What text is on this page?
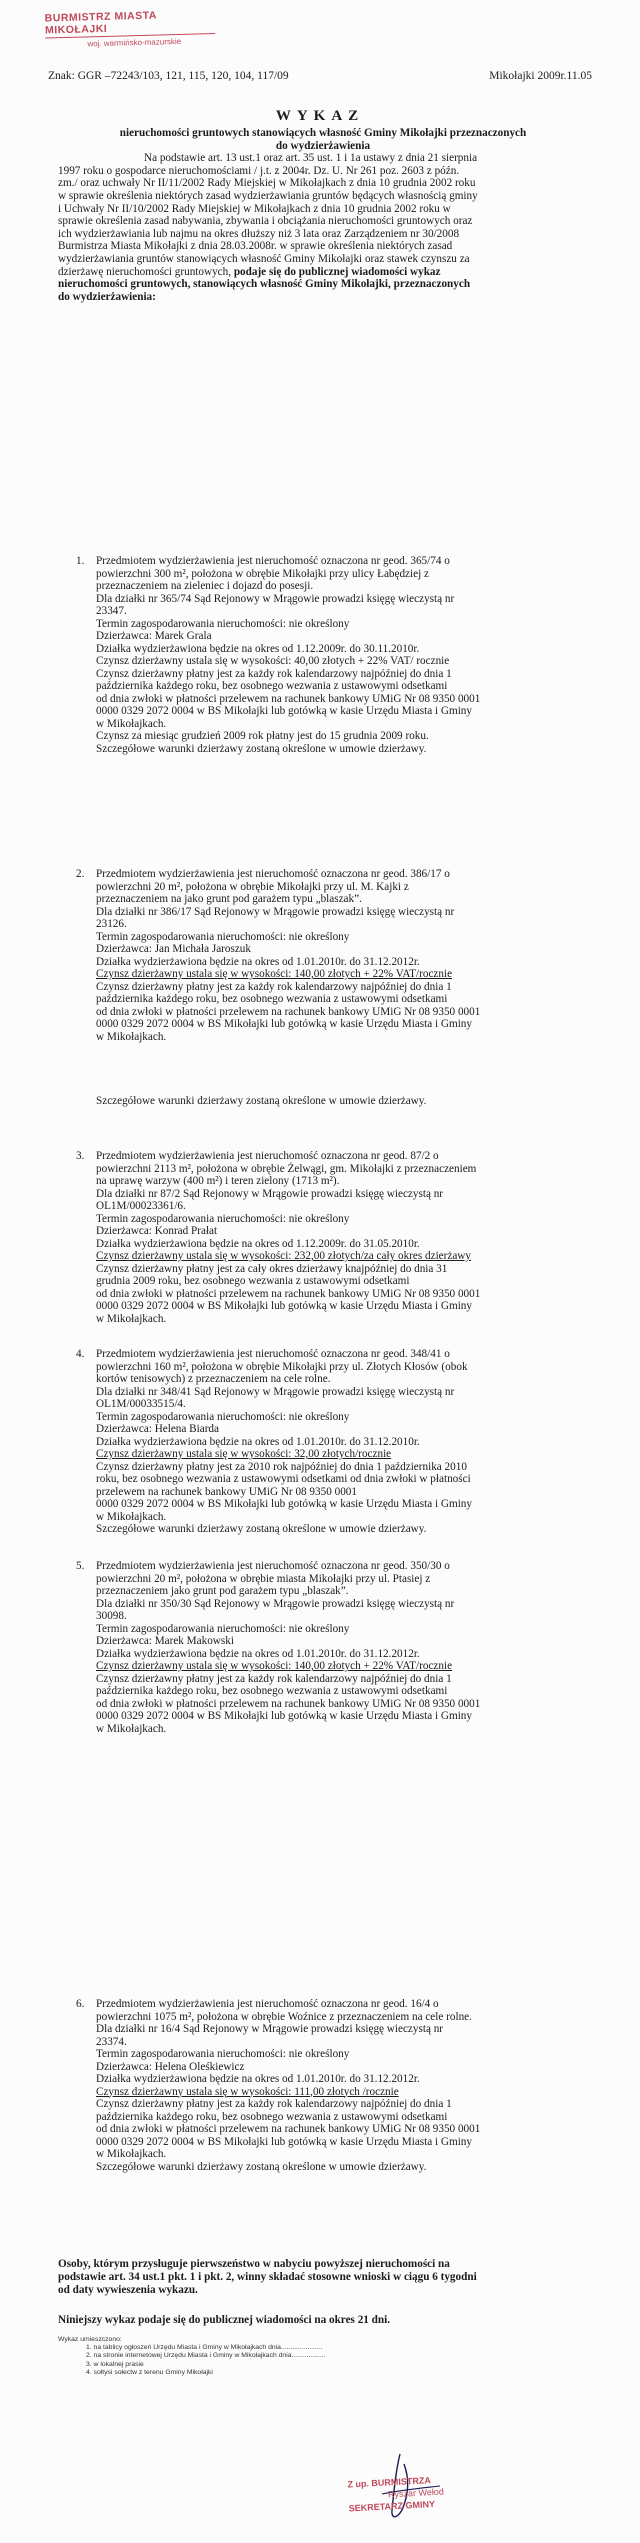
BURMISTRZ MIASTA MIKOŁAJKI
woj. warmińsko-mazurskie
Znak: GGR –72243/103, 121, 115, 120, 104, 117/09	Mikołajki 2009r.11.05
WYKAZ
nieruchomości gruntowych stanowiących własność Gminy Mikołajki przeznaczonych
do wydzierżawienia
Na podstawie art. 13 ust.1 oraz art. 35 ust. 1 i 1a ustawy z dnia 21 sierpnia
1997 roku o gospodarce nieruchomościami / j.t. z 2004r. Dz. U. Nr 261 poz. 2603 z późn.
zm./ oraz uchwały Nr II/11/2002 Rady Miejskiej w Mikołajkach z dnia 10 grudnia 2002 roku
w sprawie określenia niektórych zasad wydzierżawiania gruntów będących własnością gminy
i Uchwały Nr II/10/2002 Rady Miejskiej w Mikołajkach z dnia 10 grudnia 2002 roku w
sprawie określenia zasad nabywania, zbywania i obciążania nieruchomości gruntowych oraz
ich wydzierżawiania lub najmu na okres dłuższy niż 3 lata oraz Zarządzeniem nr 30/2008
Burmistrza Miasta Mikołajki z dnia 28.03.2008r. w sprawie określenia niektórych zasad
wydzierżawiania gruntów stanowiących własność Gminy Mikołajki oraz stawek czynszu za
dzierżawę nieruchomości gruntowych, podaje się do publicznej wiadomości wykaz
nieruchomości gruntowych, stanowiących własność Gminy Mikołajki, przeznaczonych
do wydzierżawienia:
1. Przedmiotem wydzierżawienia jest nieruchomość oznaczona nr geod. 365/74 o
powierzchni 300 m², położona w obrębie Mikołajki przy ulicy Łabędziej z
przeznaczeniem na zieleniec i dojazd do posesji.
Dla działki nr 365/74 Sąd Rejonowy w Mrągowie prowadzi księgę wieczystą nr
23347.
Termin zagospodarowania nieruchomości: nie określony
Dzierżawca: Marek Grala
Działka wydzierżawiona będzie na okres od 1.12.2009r. do 30.11.2010r.
Czynsz dzierżawny ustala się w wysokości: 40,00 złotych + 22% VAT/ rocznie
Czynsz dzierżawny płatny jest za każdy rok kalendarzowy najpóźniej do dnia 1
października każdego roku, bez osobnego wezwania z ustawowymi odsetkami
od dnia zwłoki w płatności przelewem na rachunek bankowy UMiG Nr 08 9350 0001
0000 0329 2072 0004 w BS Mikołajki lub gotówką w kasie Urzędu Miasta i Gminy
w Mikołajkach.
Czynsz za miesiąc grudzień 2009 rok płatny jest do 15 grudnia 2009 roku.
Szczegółowe warunki dzierżawy zostaną określone w umowie dzierżawy.
2. Przedmiotem wydzierżawienia jest nieruchomość oznaczona nr geod. 386/17 o
powierzchni 20 m², położona w obrębie Mikołajki przy ul. M. Kajki z
przeznaczeniem na jako grunt pod garażem typu „blaszak”.
Dla działki nr 386/17 Sąd Rejonowy w Mrągowie prowadzi księgę wieczystą nr
23126.
Termin zagospodarowania nieruchomości: nie określony
Dzierżawca: Jan Michała Jaroszuk
Działka wydzierżawiona będzie na okres od 1.01.2010r. do 31.12.2012r.
Czynsz dzierżawny ustala się w wysokości: 140,00 złotych + 22% VAT/rocznie
Czynsz dzierżawny płatny jest za każdy rok kalendarzowy najpóźniej do dnia 1
października każdego roku, bez osobnego wezwania z ustawowymi odsetkami
od dnia zwłoki w płatności przelewem na rachunek bankowy UMiG Nr 08 9350 0001
0000 0329 2072 0004 w BS Mikołajki lub gotówką w kasie Urzędu Miasta i Gminy
w Mikołajkach.
3. Przedmiotem wydzierżawienia jest nieruchomość oznaczona nr geod. 87/2 o
powierzchni 2113 m², położona w obrębie Żelwągi, gm. Mikołajki z przeznaczeniem
na uprawę warzyw (400 m²) i teren zielony (1713 m²).
Dla działki nr 87/2 Sąd Rejonowy w Mrągowie prowadzi księgę wieczystą nr
OL1M/00023361/6.
Termin zagospodarowania nieruchomości: nie określony
Dzierżawca: Konrad Prałat
Działka wydzierżawiona będzie na okres od 1.12.2009r. do 31.05.2010r.
Czynsz dzierżawny ustala się w wysokości: 232,00 złotych/za cały okres dzierżawy
Czynsz dzierżawny płatny jest za cały okres dzierżawy knajpóźniej do dnia 31
grudnia 2009 roku, bez osobnego wezwania z ustawowymi odsetkami
od dnia zwłoki w płatności przelewem na rachunek bankowy UMiG Nr 08 9350 0001
0000 0329 2072 0004 w BS Mikołajki lub gotówką w kasie Urzędu Miasta i Gminy
w Mikołajkach.
4. Przedmiotem wydzierżawienia jest nieruchomość oznaczona nr geod. 348/41 o
powierzchni 160 m², położona w obrębie Mikołajki przy ul. Złotych Kłosów (obok
kortów tenisowych) z przeznaczeniem na cele rolne.
Dla działki nr 348/41 Sąd Rejonowy w Mrągowie prowadzi księgę wieczystą nr
OL1M/00033515/4.
Termin zagospodarowania nieruchomości: nie określony
Dzierżawca: Helena Biarda
Działka wydzierżawiona będzie na okres od 1.01.2010r. do 31.12.2010r.
Czynsz dzierżawny ustala się w wysokości: 32,00 złotych/rocznie
Czynsz dzierżawny płatny jest za 2010 rok najpóźniej do dnia 1 października 2010
roku, bez osobnego wezwania z ustawowymi odsetkami od dnia zwłoki w płatności
przelewem na rachunek bankowy UMiG Nr 08 9350 0001
0000 0329 2072 0004 w BS Mikołajki lub gotówką w kasie Urzędu Miasta i Gminy
w Mikołajkach.
Szczegółowe warunki dzierżawy zostaną określone w umowie dzierżawy.
5. Przedmiotem wydzierżawienia jest nieruchomość oznaczona nr geod. 350/30 o
powierzchni 20 m², położona w obrębie miasta Mikołajki przy ul. Ptasiej z
przeznaczeniem jako grunt pod garażem typu „blaszak”.
Dla działki nr 350/30 Sąd Rejonowy w Mrągowie prowadzi księgę wieczystą nr
30098.
Termin zagospodarowania nieruchomości: nie określony
Dzierżawca: Marek Makowski
Działka wydzierżawiona będzie na okres od 1.01.2010r. do 31.12.2012r.
Czynsz dzierżawny ustala się w wysokości: 140,00 złotych + 22% VAT/rocznie
Czynsz dzierżawny płatny jest za każdy rok kalendarzowy najpóźniej do dnia 1
października każdego roku, bez osobnego wezwania z ustawowymi odsetkami
od dnia zwłoki w płatności przelewem na rachunek bankowy UMiG Nr 08 9350 0001
0000 0329 2072 0004 w BS Mikołajki lub gotówką w kasie Urzędu Miasta i Gminy
w Mikołajkach.
6. Przedmiotem wydzierżawienia jest nieruchomość oznaczona nr geod. 16/4 o
powierzchni 1075 m², położona w obrębie Woźnice z przeznaczeniem na cele rolne.
Dla działki nr 16/4 Sąd Rejonowy w Mrągowie prowadzi księgę wieczystą nr
23374.
Termin zagospodarowania nieruchomości: nie określony
Dzierżawca: Helena Oleśkiewicz
Działka wydzierżawiona będzie na okres od 1.01.2010r. do 31.12.2012r.
Czynsz dzierżawny ustala się w wysokości: 111,00 złotych /rocznie
Czynsz dzierżawny płatny jest za każdy rok kalendarzowy najpóźniej do dnia 1
października każdego roku, bez osobnego wezwania z ustawowymi odsetkami
od dnia zwłoki w płatności przelewem na rachunek bankowy UMiG Nr 08 9350 0001
0000 0329 2072 0004 w BS Mikołajki lub gotówką w kasie Urzędu Miasta i Gminy
w Mikołajkach.
Szczegółowe warunki dzierżawy zostaną określone w umowie dzierżawy.
Szczegółowe warunki dzierżawy zostaną określone w umowie dzierżawy.
Osoby, którym przysługuje pierwszeństwo w nabyciu powyższej nieruchomości na
podstawie art. 34 ust.1 pkt. 1 i pkt. 2, winny składać stosowne wnioski w ciągu 6 tygodni
od daty wywieszenia wykazu.
Niniejszy wykaz podaje się do publicznej wiadomości na okres 21 dni.
Wykaz umieszczono:
1. na tablicy ogłoszeń Urzędu Miasta i Gminy w Mikołajkach dnia......................
2. na stronie internetowej Urzędu Miasta i Gminy w Mikołajkach dnia..................
3. w lokalnej prasie
4. sołtysi sołectw z terenu Gminy Mikołajki
Z up. BURMISTRZA
Ryszar Wełod
SEKRETARZ GMINY
